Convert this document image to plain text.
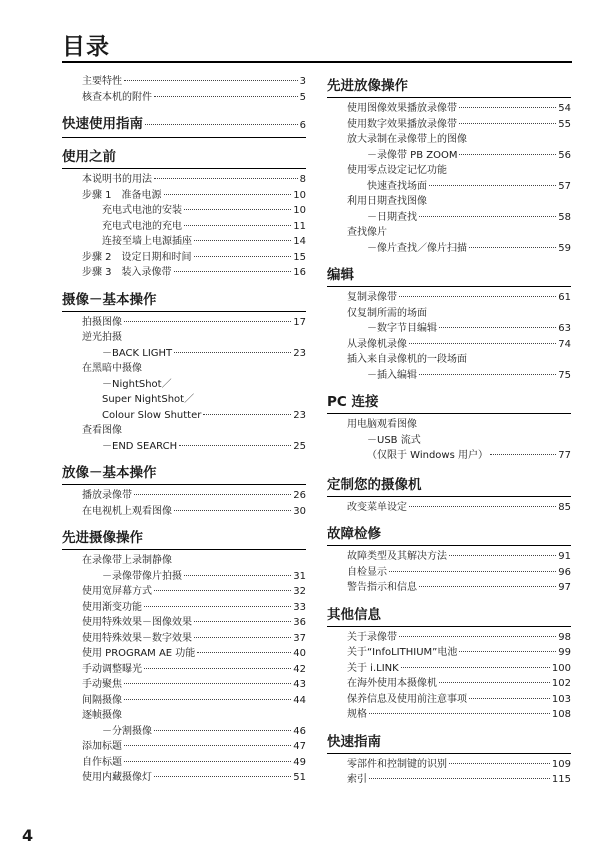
目录
主要特性	3
核查本机的附件	5
快速使用指南	6
使用之前
本说明书的用法	8
步骤 1　准备电源	10
充电式电池的安装	10
充电式电池的充电	11
连接至墙上电源插座	14
步骤 2　设定日期和时间	15
步骤 3　装入录像带	16
摄像－基本操作
拍摄图像	17
逆光拍摄
－BACK LIGHT	23
在黑暗中摄像
－NightShot／
Super NightShot／
Colour Slow Shutter	23
查看图像
－END SEARCH	25
放像－基本操作
播放录像带	26
在电视机上观看图像	30
先进摄像操作
在录像带上录制静像
－录像带像片拍摄	31
使用宽屏幕方式	32
使用渐变功能	33
使用特殊效果－图像效果	36
使用特殊效果－数字效果	37
使用 PROGRAM AE 功能	40
手动调整曝光	42
手动聚焦	43
间隔摄像	44
逐帧摄像
－分割摄像	46
添加标题	47
自作标题	49
使用内藏摄像灯	51
先进放像操作
使用图像效果播放录像带	54
使用数字效果播放录像带	55
放大录制在录像带上的图像
－录像带 PB ZOOM	56
使用零点设定记忆功能
快速查找场面	57
利用日期查找图像
－日期查找	58
查找像片
－像片查找／像片扫描	59
编辑
复制录像带	61
仅复制所需的场面
－数字节目编辑	63
从录像机录像	74
插入来自录像机的一段场面
－插入编辑	75
PC 连接
用电脑观看图像
－USB 流式
（仅限于 Windows 用户）	77
定制您的摄像机
改变菜单设定	85
故障检修
故障类型及其解决方法	91
自检显示	96
警告指示和信息	97
其他信息
关于录像带	98
关于“InfoLITHIUM”电池	99
关于 i.LINK	100
在海外使用本摄像机	102
保养信息及使用前注意事项	103
规格	108
快速指南
零部件和控制键的识别	109
索引	115
4
